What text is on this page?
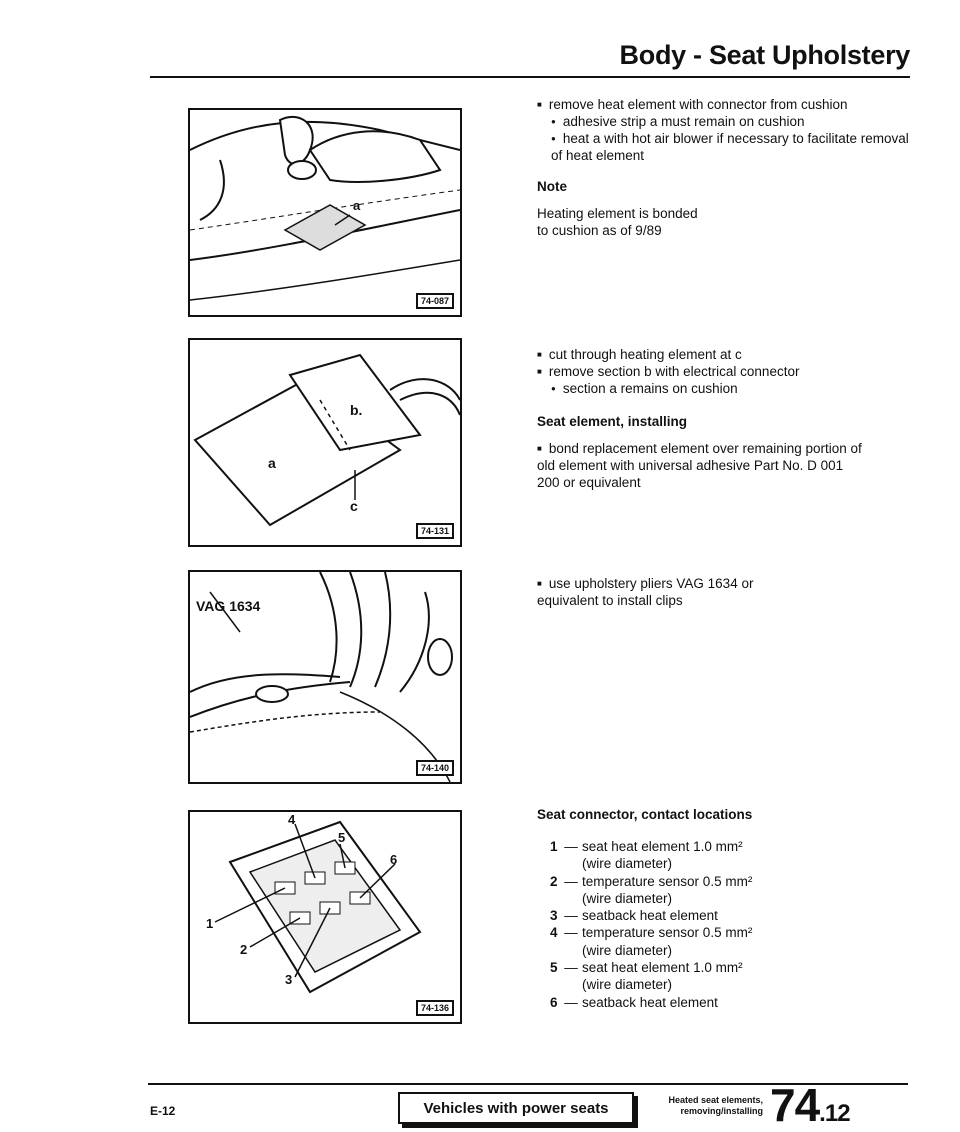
Body - Seat Upholstery
a
74-087
b.
a
c
74-131
VAG 1634
74-140
1
2
3
4
5
6
74-136

■ remove heat element with connector from cushion

● adhesive strip a must remain on cushion

● heat a with hot air blower if necessary to facilitate removal of heat element

Note

Heating element is bonded to cushion as of 9/89

■ cut through heating element at c

■ remove section b with electrical connector

● section a remains on cushion

Seat element, installing

■ bond replacement element over remaining portion of old element with universal adhesive Part No. D 001 200 or equivalent

■ use upholstery pliers VAG 1634 or equivalent to install clips

Seat connector, contact locations
1 — seat heat element 1.0 mm²
(wire diameter)
2 — temperature sensor 0.5 mm²
(wire diameter)
3 — seatback heat element
4 — temperature sensor 0.5 mm²
(wire diameter)
5 — seat heat element 1.0 mm²
(wire diameter)
6 — seatback heat element
E-12	Vehicles with power seats	Heated seat elements,
removing/installing 74.12
